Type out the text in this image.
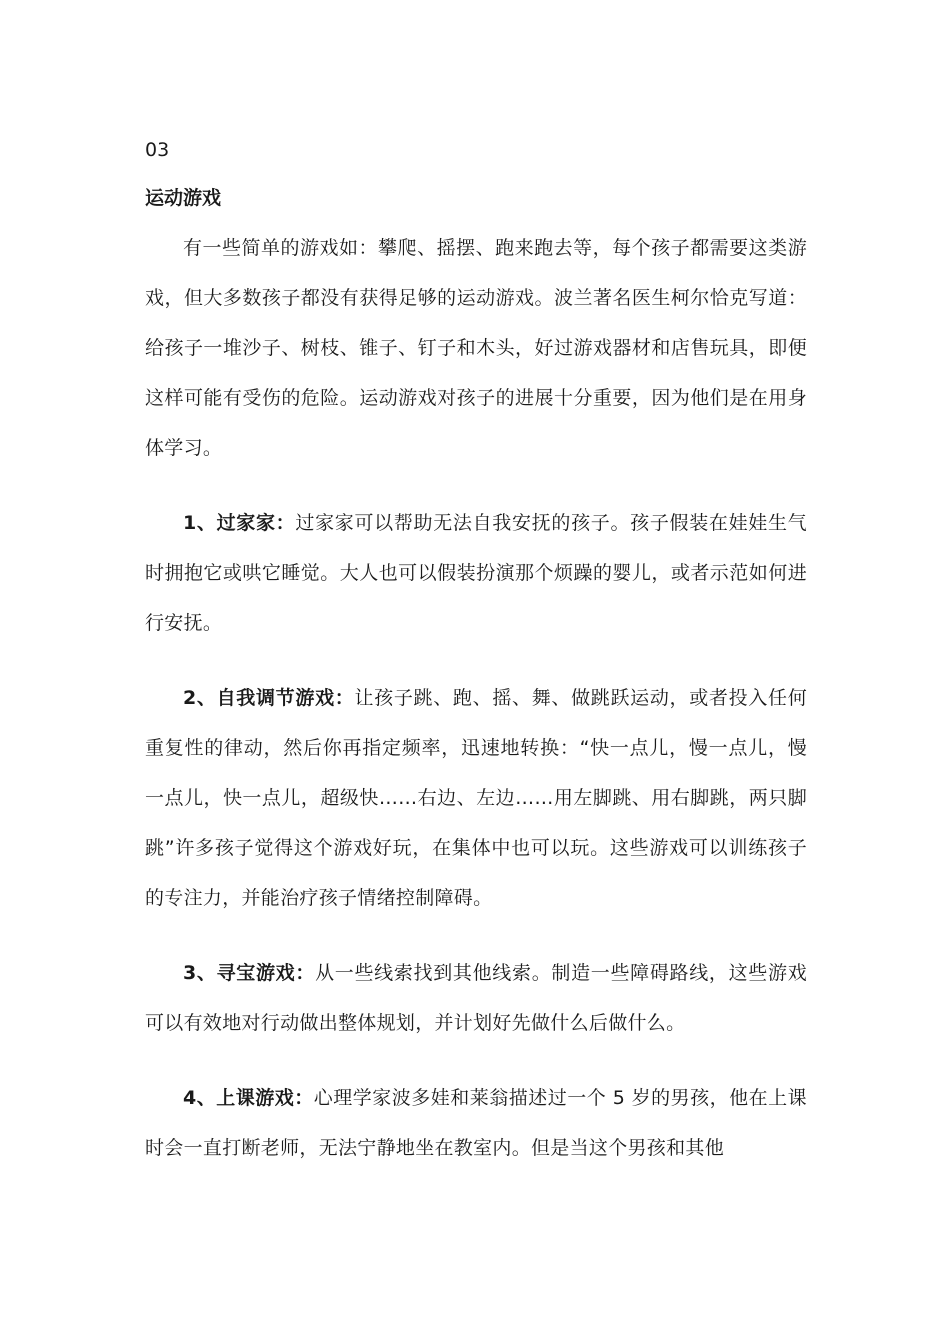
03
运动游戏

有一些简单的游戏如：攀爬、摇摆、跑来跑去等，每个孩子都需要这类游戏，但大多数孩子都没有获得足够的运动游戏。波兰著名医生柯尔恰克写道：给孩子一堆沙子、树枝、锥子、钉子和木头，好过游戏器材和店售玩具，即便这样可能有受伤的危险。运动游戏对孩子的进展十分重要，因为他们是在用身体学习。

1、过家家：过家家可以帮助无法自我安抚的孩子。孩子假装在娃娃生气时拥抱它或哄它睡觉。大人也可以假装扮演那个烦躁的婴儿，或者示范如何进行安抚。

2、自我调节游戏：让孩子跳、跑、摇、舞、做跳跃运动，或者投入任何重复性的律动，然后你再指定频率，迅速地转换：“快一点儿，慢一点儿，慢一点儿，快一点儿，超级快……右边、左边……用左脚跳、用右脚跳，两只脚跳”许多孩子觉得这个游戏好玩，在集体中也可以玩。这些游戏可以训练孩子的专注力，并能治疗孩子情绪控制障碍。

3、寻宝游戏：从一些线索找到其他线索。制造一些障碍路线，这些游戏可以有效地对行动做出整体规划，并计划好先做什么后做什么。

4、上课游戏：心理学家波多娃和莱翁描述过一个 5 岁的男孩，他在上课时会一直打断老师，无法宁静地坐在教室内。但是当这个男孩和其他
